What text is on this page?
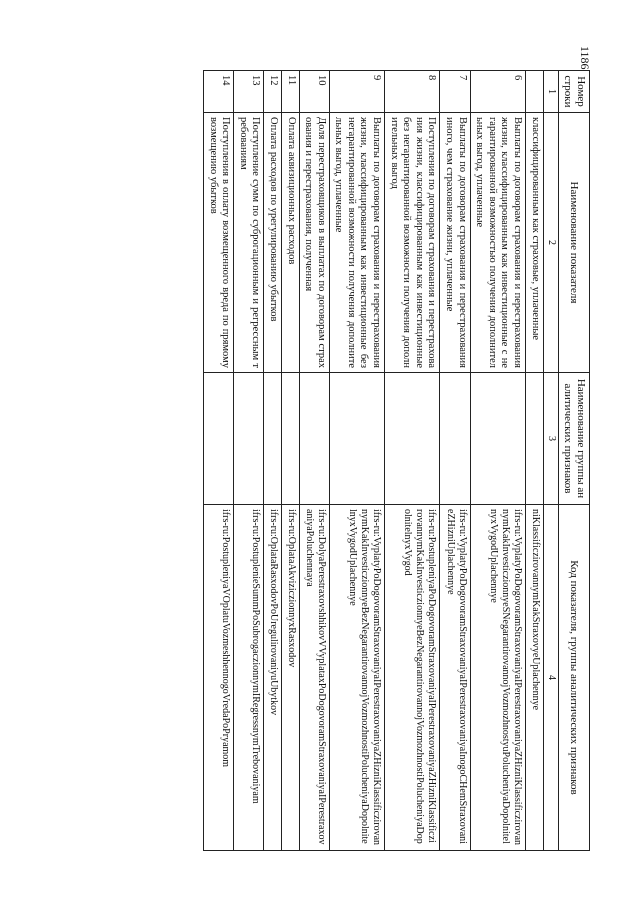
1186
Номер строки	Наименование показателя	Наименование группы аналитических признаков	Код показателя, группы аналитических признаков
1	2	3	4
	классифицированным как страховые, уплаченные		niKlassificzirovannymKakStraxovyeUplachennye

6	Выплаты по договорам страхования и перестрахования жизни, классифицированным как инвестиционные с негарантированной возможностью получения дополнительных выгод, уплаченные		ifrs-ru:VyplatyPoDogovoramStraxovaniyaIPerestraxovaniyaZHizniKlassificzirovannymKakInvesticzionnyeSNegarantirovannojVozmozhnostyuPolucheniyaDopolnitelnyxVygodUplachennye

7	Выплаты по договорам страхования и перестрахования иного, чем страхование жизни, уплаченные		ifrs-ru:VyplatyPoDogovoramStraxovaniyaIPerestraxovaniyaInogoCHemStraxovanieZHizniUplachennye

8	Поступления по договорам страхования и перестрахования жизни, классифицированным как инвестиционные без негарантированной возможности получения дополнительных выгод		ifrs-ru:PostupleniyaPoDogovoramStraxovaniyaIPerestraxovaniyaZHizniKlassificzirovannymKakInvesticzionnyeBezNegarantirovannojVozmozhnostiPolucheniyaDopolnitelnyxVygod

9	Выплаты по договорам страхования и перестрахования жизни, классифицированным как инвестиционные без негарантированной возможности получения дополнительных выгод, уплаченные		ifrs-ru:VyplatyPoDogovoramStraxovaniyaIPerestraxovaniyaZHizniKlassificzirovannymKakInvesticzionnyeBezNegarantirovannojVozmozhnostiPolucheniyaDopolnitelnyxVygodUplachennye

10	Доля перестраховщиков в выплатах по договорам страхования и перестрахования, полученная		ifrs-ru:DolyaPerestraxovshhikovVVyplataxPoDogovoramStraxovaniyaIPerestraxovaniyaPoluchennaya

11	Оплата аквизиционных расходов		ifrs-ru:OplataAkviziczionnyxRasxodov

12	Оплата расходов по урегулированию убытков		ifrs-ru:OplataRasxodovPoUregulirovaniyuUbytkov

13	Поступление сумм по суброгационным и регрессным требованиям		ifrs-ru:PostuplenieSummPoSubrogaczionnymIRegressnymTrebovaniyam

14	Поступления в оплату возмещенного вреда по прямому возмещению убытков		ifrs-ru:PostupleniyaVOplatuVozmeshhennogoVredaPoPryamom
